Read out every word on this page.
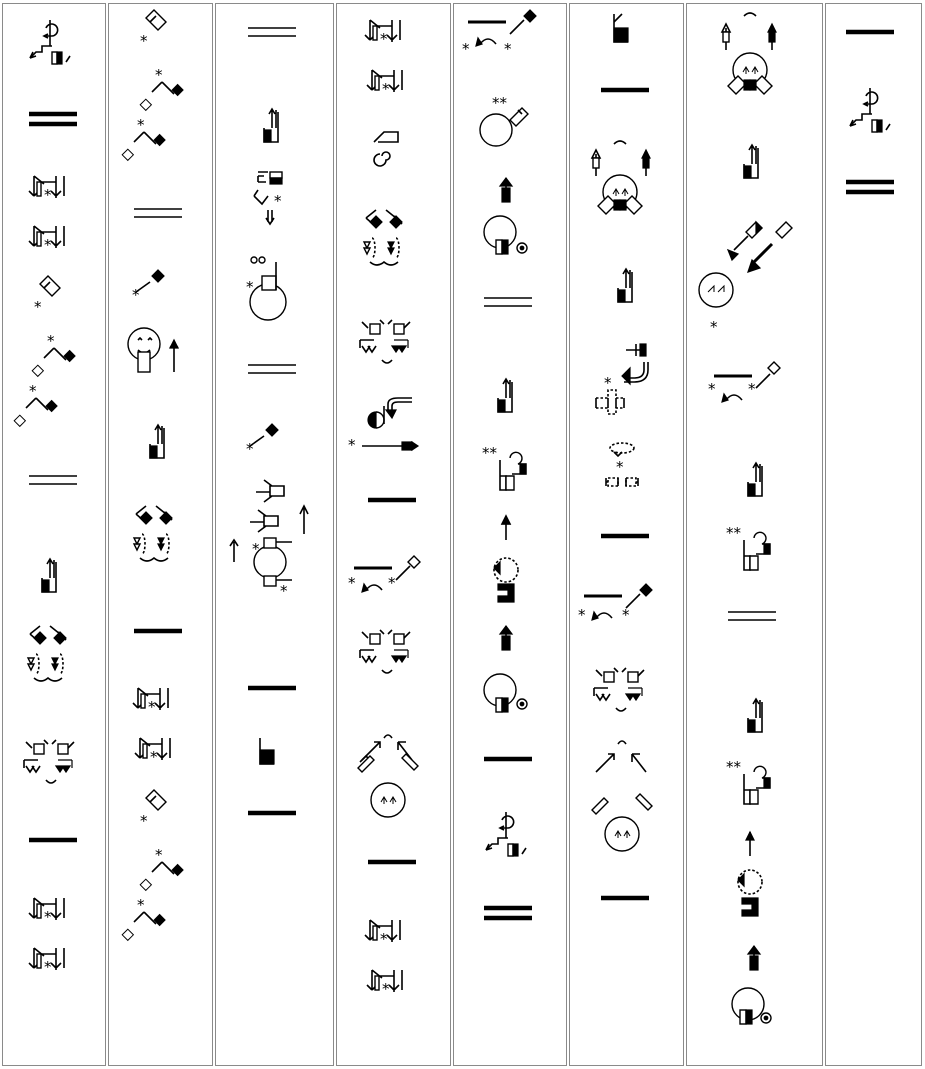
*
*
*
*
*
*
*
*
*
*
* *
* *
**
**
*
*
* *
*
* *
**
**
